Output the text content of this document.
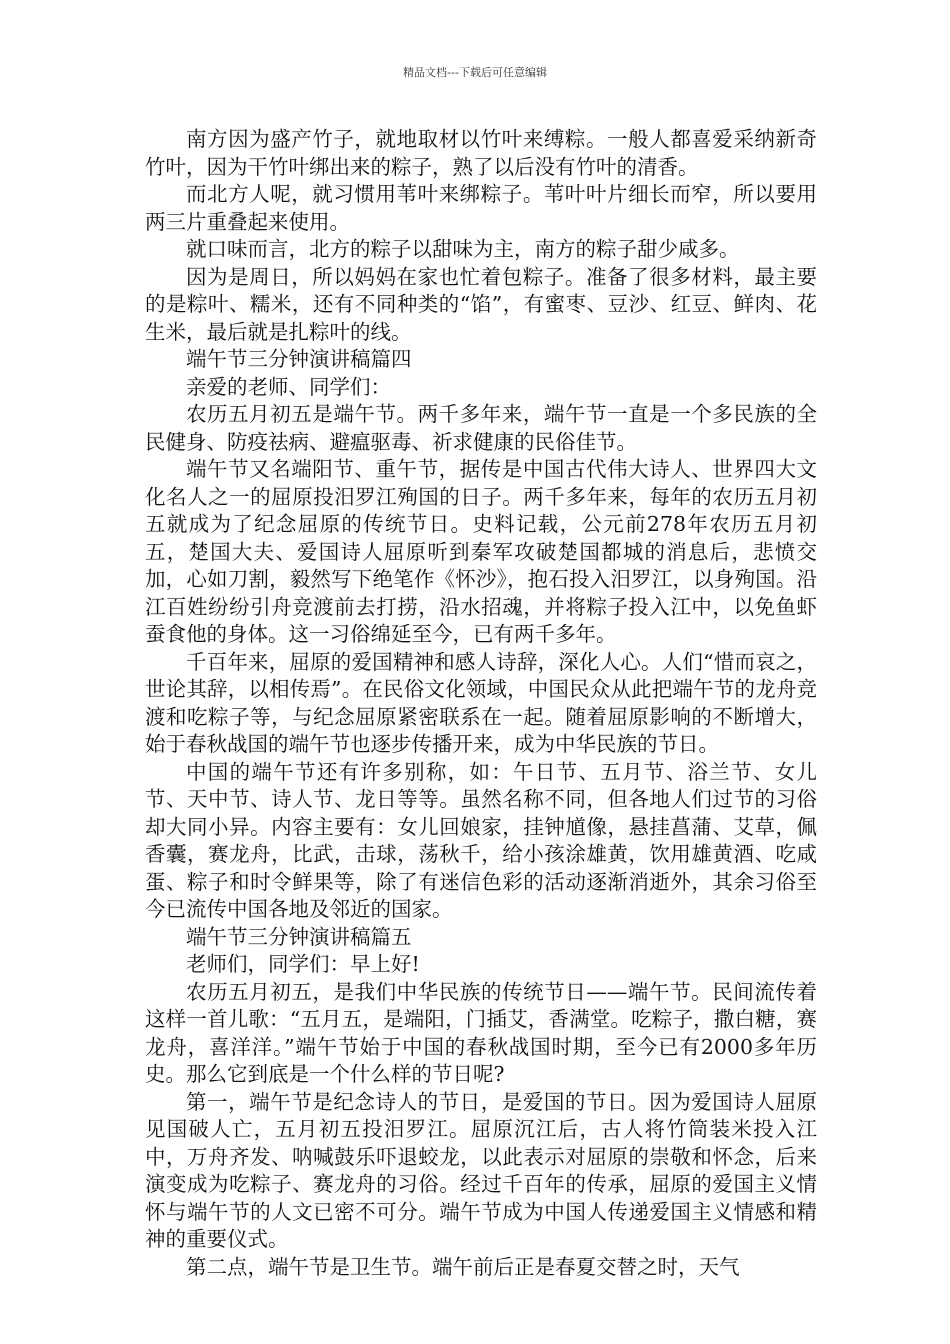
精品文档---下载后可任意编辑

南方因为盛产竹子，就地取材以竹叶来缚粽。一般人都喜爱采纳新奇竹叶，因为干竹叶绑出来的粽子，熟了以后没有竹叶的清香。

而北方人呢，就习惯用苇叶来绑粽子。苇叶叶片细长而窄，所以要用两三片重叠起来使用。

就口味而言，北方的粽子以甜味为主，南方的粽子甜少咸多。

因为是周日，所以妈妈在家也忙着包粽子。准备了很多材料，最主要的是粽叶、糯米，还有不同种类的“馅”，有蜜枣、豆沙、红豆、鲜肉、花生米，最后就是扎粽叶的线。

端午节三分钟演讲稿篇四

亲爱的老师、同学们：

农历五月初五是端午节。两千多年来，端午节一直是一个多民族的全民健身、防疫祛病、避瘟驱毒、祈求健康的民俗佳节。

端午节又名端阳节、重午节，据传是中国古代伟大诗人、世界四大文化名人之一的屈原投汨罗江殉国的日子。两千多年来，每年的农历五月初五就成为了纪念屈原的传统节日。史料记载，公元前278年农历五月初五，楚国大夫、爱国诗人屈原听到秦军攻破楚国都城的消息后，悲愤交加，心如刀割，毅然写下绝笔作《怀沙》，抱石投入汨罗江，以身殉国。沿江百姓纷纷引舟竞渡前去打捞，沿水招魂，并将粽子投入江中，以免鱼虾蚕食他的身体。这一习俗绵延至今，已有两千多年。

千百年来，屈原的爱国精神和感人诗辞，深化人心。人们“惜而哀之，世论其辞，以相传焉”。在民俗文化领域，中国民众从此把端午节的龙舟竞渡和吃粽子等，与纪念屈原紧密联系在一起。随着屈原影响的不断增大，始于春秋战国的端午节也逐步传播开来，成为中华民族的节日。

中国的端午节还有许多别称，如：午日节、五月节、浴兰节、女儿节、天中节、诗人节、龙日等等。虽然名称不同，但各地人们过节的习俗却大同小异。内容主要有：女儿回娘家，挂钟馗像，悬挂菖蒲、艾草，佩香囊，赛龙舟，比武，击球，荡秋千，给小孩涂雄黄，饮用雄黄酒、吃咸蛋、粽子和时令鲜果等，除了有迷信色彩的活动逐渐消逝外，其余习俗至今已流传中国各地及邻近的国家。

端午节三分钟演讲稿篇五

老师们，同学们：早上好!

农历五月初五，是我们中华民族的传统节日——端午节。民间流传着这样一首儿歌：“五月五，是端阳，门插艾，香满堂。吃粽子，撒白糖，赛龙舟，喜洋洋。”端午节始于中国的春秋战国时期，至今已有2000多年历史。那么它到底是一个什么样的节日呢?

第一，端午节是纪念诗人的节日，是爱国的节日。因为爱国诗人屈原见国破人亡，五月初五投汨罗江。屈原沉江后，古人将竹筒装米投入江中，万舟齐发、呐喊鼓乐吓退蛟龙，以此表示对屈原的崇敬和怀念，后来演变成为吃粽子、赛龙舟的习俗。经过千百年的传承，屈原的爱国主义情怀与端午节的人文已密不可分。端午节成为中国人传递爱国主义情感和精神的重要仪式。

第二点，端午节是卫生节。端午前后正是春夏交替之时，天气
